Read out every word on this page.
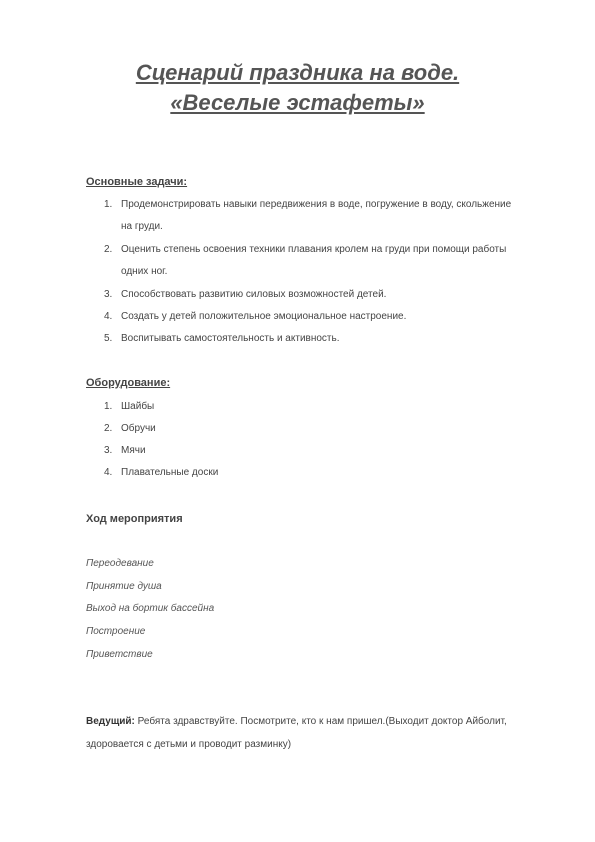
Сценарий праздника на воде.
«Веселые эстафеты»
Основные задачи:
1. Продемонстрировать навыки передвижения в воде, погружение в воду, скольжение
на груди.
2. Оценить степень освоения техники плавания кролем на груди при помощи работы
одних ног.
3. Способствовать развитию силовых возможностей детей.
4. Создать у детей положительное эмоциональное настроение.
5. Воспитывать самостоятельность и активность.
Оборудование:
1. Шайбы
2. Обручи
3. Мячи
4. Плавательные доски
Ход мероприятия
Переодевание
Принятие душа
Выход на бортик бассейна
Построение
Приветствие
Ведущий: Ребята здравствуйте. Посмотрите, кто к нам пришел.(Выходит доктор Айболит,
здоровается с детьми и проводит разминку)
